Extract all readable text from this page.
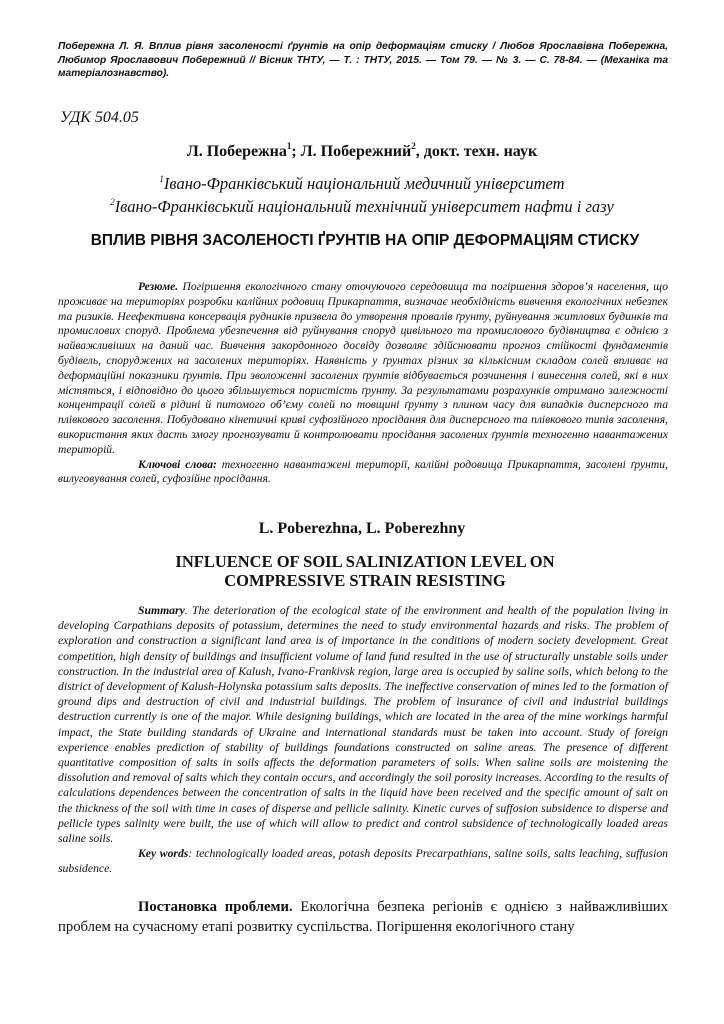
Побережна Л. Я. Вплив рівня засоленості ґрунтів на опір деформаціям стиску / Любов Ярославівна Побережна, Любимор Ярославович Побережний // Вісник ТНТУ, — Т. : ТНТУ, 2015. — Том 79. — № 3. — С. 78-84. — (Механіка та матеріалознавство).
УДК 504.05
Л. Побережна$^1$; Л. Побережний$^2$, докт. техн. наук
$^1$Івано-Франківський національний медичний університет
$^2$Івано-Франківський національний технічний університет нафти і газу
ВПЛИВ РІВНЯ ЗАСОЛЕНОСТІ ҐРУНТІВ НА ОПІР ДЕФОРМАЦІЯМ СТИСКУ

Резюме. Погіршення екологічного стану оточуючого середовища та погіршення здоров’я населення, що проживає на територіях розробки калійних родовищ Прикарпаття, визначає необхідність вивчення екологічних небезпек та ризиків. Неефективна консервація рудників призвела до утворення провалів ґрунту, руйнування житлових будинків та промислових споруд. Проблема убезпечення від руйнування споруд цивільного та промислового будівництва є однією з найважливіших на даний час. Вивчення закордонного досвіду дозволяє здійснювати прогноз стійкості фундаментів будівель, споруджених на засолених територіях. Наявність у ґрунтах різних за кількісним складом солей впливає на деформаційні показники ґрунтів. При зволоженні засолених ґрунтів відбувається розчинення і винесення солей, які в них містяться, і відповідно до цього збільшується пористість ґрунту. За результатами розрахунків отримано залежності концентрації солей в рідині й питомого об’єму солей по товщині ґрунту з плином часу для випадків дисперсного та плівкового засолення. Побудовано кінетичні криві суфозійного просідання для дисперсного та плівкового типів засолення, використання яких дасть змогу прогнозувати й контролювати просідання засолених ґрунтів техногенно навантажених територій.

Ключові слова: техногенно навантажені території, калійні родовища Прикарпаття, засолені ґрунти, вилуговування солей, суфозійне просідання.

L. Poberezhna, L. Poberezhny
INFLUENCE OF SOIL SALINIZATION LEVEL ON COMPRESSIVE STRAIN RESISTING

Summary. The deterioration of the ecological state of the environment and health of the population living in developing Carpathians deposits of potassium, determines the need to study environmental hazards and risks. The problem of exploration and construction a significant land area is of importance in the conditions of modern society development. Great competition, high density of buildings and insufficient volume of land fund resulted in the use of structurally unstable soils under construction. In the industrial area of Kalush, Ivano-Frankivsk region, large area is occupied by saline soils, which belong to the district of development of Kalush-Holynska potassium salts deposits. The ineffective conservation of mines led to the formation of ground dips and destruction of civil and industrial buildings. The problem of insurance of civil and industrial buildings destruction currently is one of the major. While designing buildings, which are located in the area of the mine workings harmful impact, the State building standards of Ukraine and international standards must be taken into account. Study of foreign experience enables prediction of stability of buildings foundations constructed on saline areas. The presence of different quantitative composition of salts in soils affects the deformation parameters of soils. When saline soils are moistening the dissolution and removal of salts which they contain occurs, and accordingly the soil porosity increases. According to the results of calculations dependences between the concentration of salts in the liquid have been received and the specific amount of salt on the thickness of the soil with time in cases of disperse and pellicle salinity. Kinetic curves of suffosion subsidence to disperse and pellicle types salinity were built, the use of which will allow to predict and control subsidence of technologically loaded areas saline soils.

Key words: technologically loaded areas, potash deposits Precarpathians, saline soils, salts leaching, suffusion subsidence.

Постановка проблеми. Екологічна безпека регіонів є однією з найважливіших проблем на сучасному етапі розвитку суспільства. Погіршення екологічного стану
